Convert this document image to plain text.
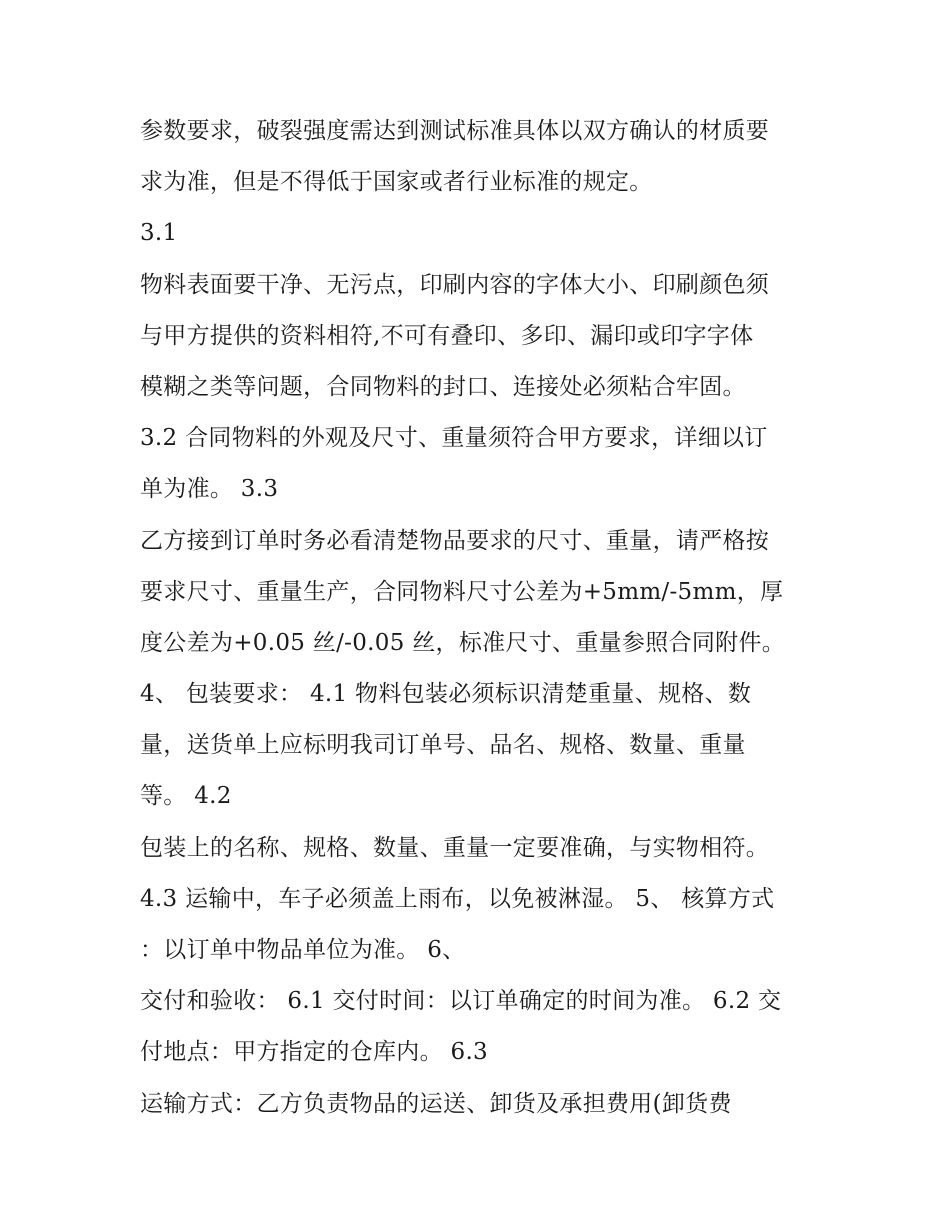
参数要求，破裂强度需达到测试标准具体以双方确认的材质要
求为准，但是不得低于国家或者行业标准的规定。
3.1
物料表面要干净、无污点，印刷内容的字体大小、印刷颜色须
与甲方提供的资料相符,不可有叠印、多印、漏印或印字字体
模糊之类等问题，合同物料的封口、连接处必须粘合牢固。
3.2 合同物料的外观及尺寸、重量须符合甲方要求，详细以订
单为准。 3.3
乙方接到订单时务必看清楚物品要求的尺寸、重量，请严格按
要求尺寸、重量生产，合同物料尺寸公差为+5mm/-5mm，厚
度公差为+0.05 丝/-0.05 丝，标准尺寸、重量参照合同附件。
4、 包装要求： 4.1 物料包装必须标识清楚重量、规格、数
量，送货单上应标明我司订单号、品名、规格、数量、重量
等。 4.2
包装上的名称、规格、数量、重量一定要准确，与实物相符。
4.3 运输中，车子必须盖上雨布，以免被淋湿。 5、 核算方式
：以订单中物品单位为准。 6、
交付和验收： 6.1 交付时间：以订单确定的时间为准。 6.2 交
付地点：甲方指定的仓库内。 6.3
运输方式：乙方负责物品的运送、卸货及承担费用(卸货费
